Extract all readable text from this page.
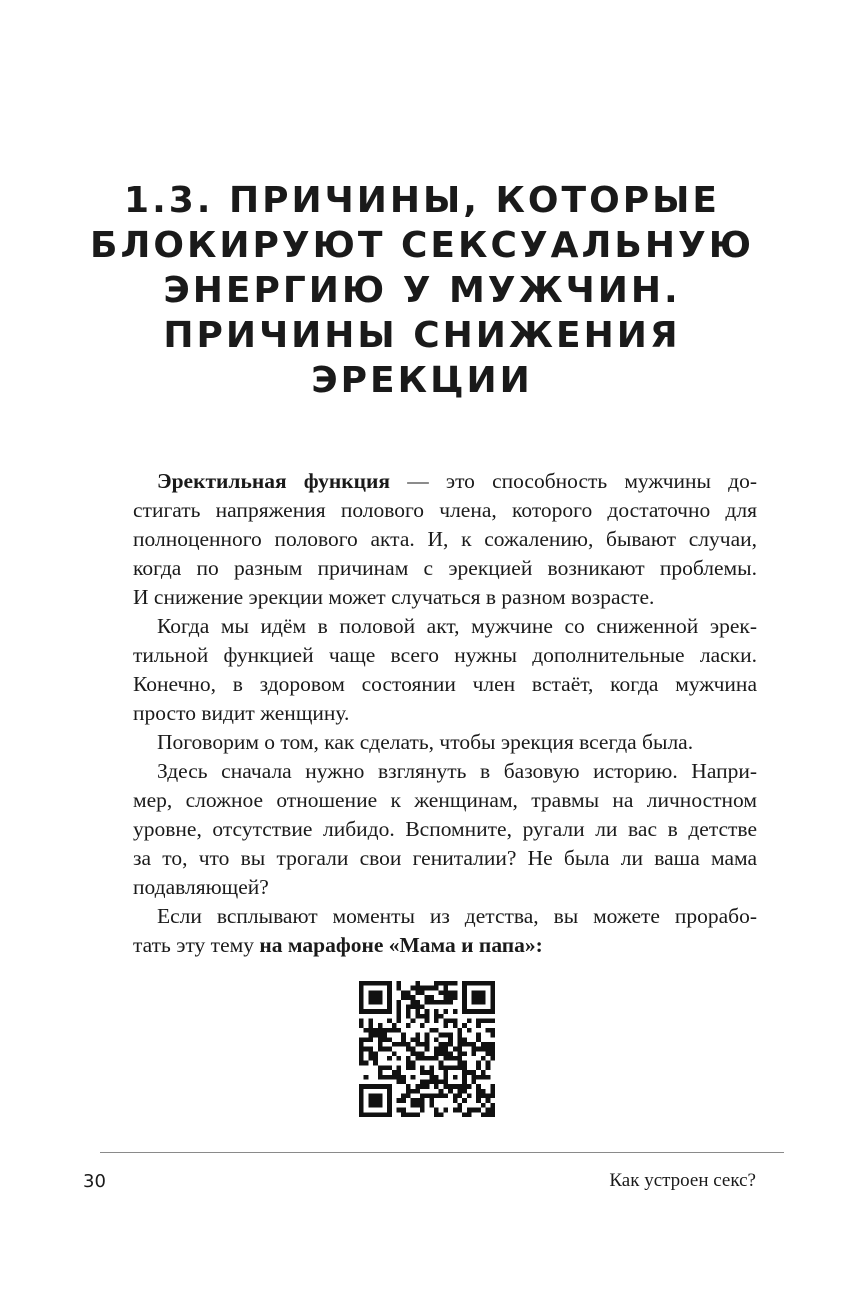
1.3. ПРИЧИНЫ, КОТОРЫЕ
БЛОКИРУЮТ СЕКСУАЛЬНУЮ
ЭНЕРГИЮ У МУЖЧИН.
ПРИЧИНЫ СНИЖЕНИЯ
ЭРЕКЦИИ
Эректильная функция — это способность мужчины до-
стигать напряжения полового члена, которого достаточно для
полноценного полового акта. И, к сожалению, бывают случаи,
когда по разным причинам с эрекцией возникают проблемы.
И снижение эрекции может случаться в разном возрасте.
Когда мы идём в половой акт, мужчине со сниженной эрек-
тильной функцией чаще всего нужны дополнительные ласки.
Конечно, в здоровом состоянии член встаёт, когда мужчина
просто видит женщину.
Поговорим о том, как сделать, чтобы эрекция всегда была.
Здесь сначала нужно взглянуть в базовую историю. Напри-
мер, сложное отношение к женщинам, травмы на личностном
уровне, отсутствие либидо. Вспомните, ругали ли вас в детстве
за то, что вы трогали свои гениталии? Не была ли ваша мама
подавляющей?
Если всплывают моменты из детства, вы можете прорабо-
тать эту тему на марафоне «Мама и папа»:
30	Как устроен секс?
